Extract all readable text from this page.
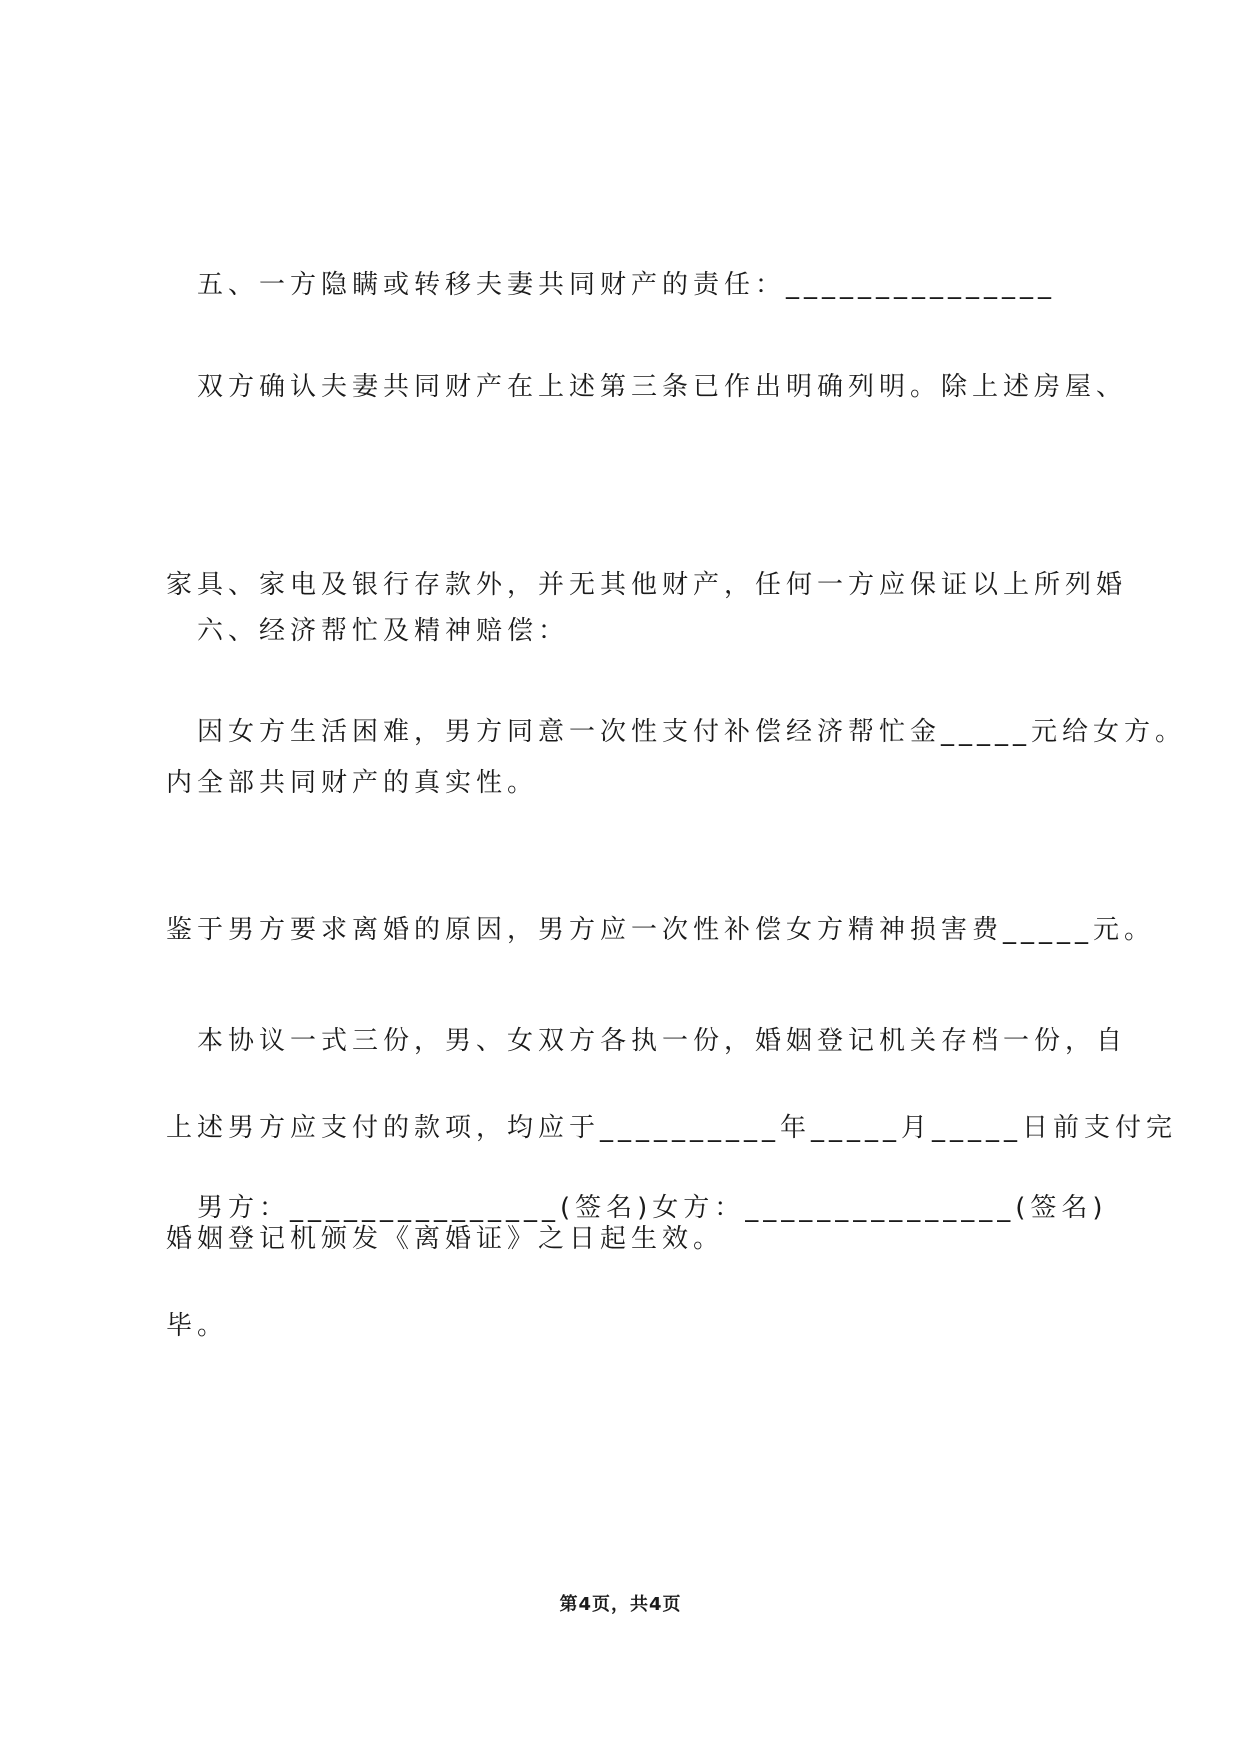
五、一方隐瞒或转移夫妻共同财产的责任：_______________

双方确认夫妻共同财产在上述第三条已作出明确列明。除上述房屋、

家具、家电及银行存款外，并无其他财产，任何一方应保证以上所列婚

内全部共同财产的真实性。

六、经济帮忙及精神赔偿：

因女方生活困难，男方同意一次性支付补偿经济帮忙金_____元给女方。

鉴于男方要求离婚的原因，男方应一次性补偿女方精神损害费_____元。

上述男方应支付的款项，均应于__________年_____月_____日前支付完

毕。

本协议一式三份，男、女双方各执一份，婚姻登记机关存档一份，自

婚姻登记机颁发《离婚证》之日起生效。

男方：_______________(签名)女方：_______________(签名)

第4页，共4页
